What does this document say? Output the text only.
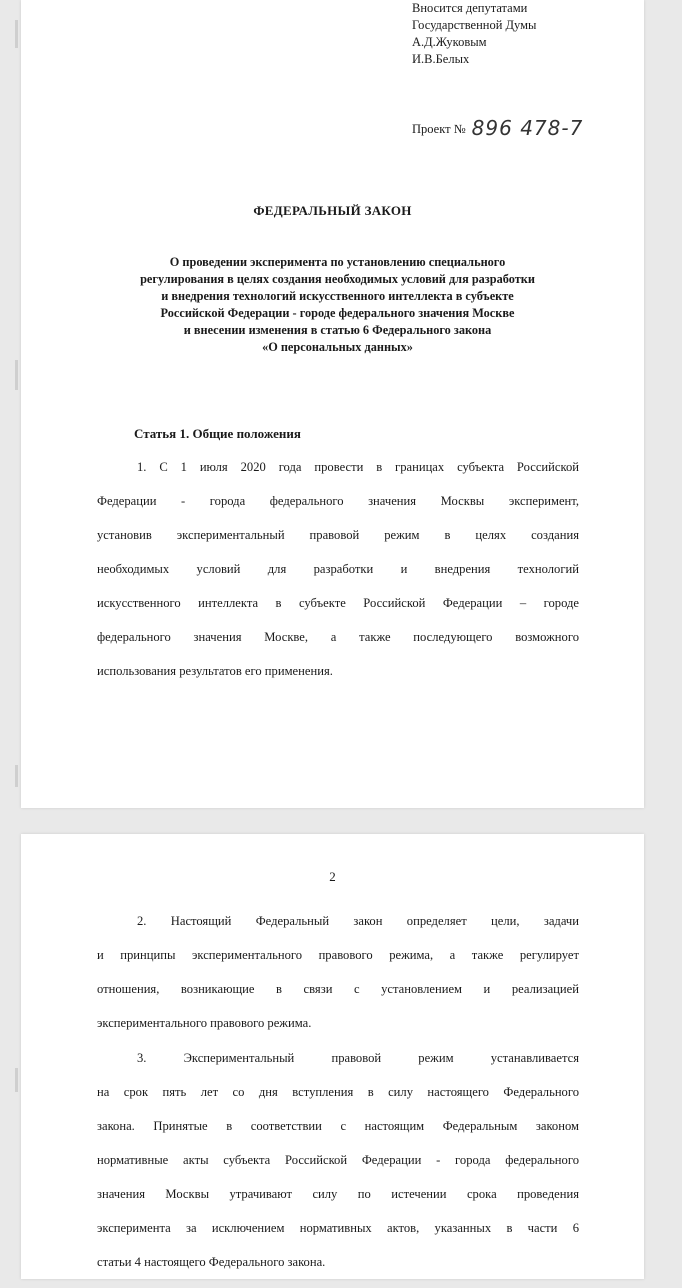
Вносится депутатами
Государственной Думы
А.Д.Жуковым
И.В.Белых
Проект № 896 478-7
ФЕДЕРАЛЬНЫЙ ЗАКОН
О проведении эксперимента по установлению специального
регулирования в целях создания необходимых условий для разработки
и внедрения технологий искусственного интеллекта в субъекте
Российской Федерации - городе федерального значения Москве
и внесении изменения в статью 6 Федерального закона
«О персональных данных»
Статья 1. Общие положения
1. С 1 июля 2020 года провести в границах субъекта Российской
Федерации - города федерального значения Москвы эксперимент,
установив экспериментальный правовой режим в целях создания
необходимых условий для разработки и внедрения технологий
искусственного интеллекта в субъекте Российской Федерации – городе
федерального значения Москве, а также последующего возможного
использования результатов его применения.
2
2. Настоящий Федеральный закон определяет цели, задачи
и принципы экспериментального правового режима, а также регулирует
отношения, возникающие в связи с установлением и реализацией
экспериментального правового режима.
3. Экспериментальный правовой режим устанавливается
на срок пять лет со дня вступления в силу настоящего Федерального
закона. Принятые в соответствии с настоящим Федеральным законом
нормативные акты субъекта Российской Федерации - города федерального
значения Москвы утрачивают силу по истечении срока проведения
эксперимента за исключением нормативных актов, указанных в части 6
статьи 4 настоящего Федерального закона.
